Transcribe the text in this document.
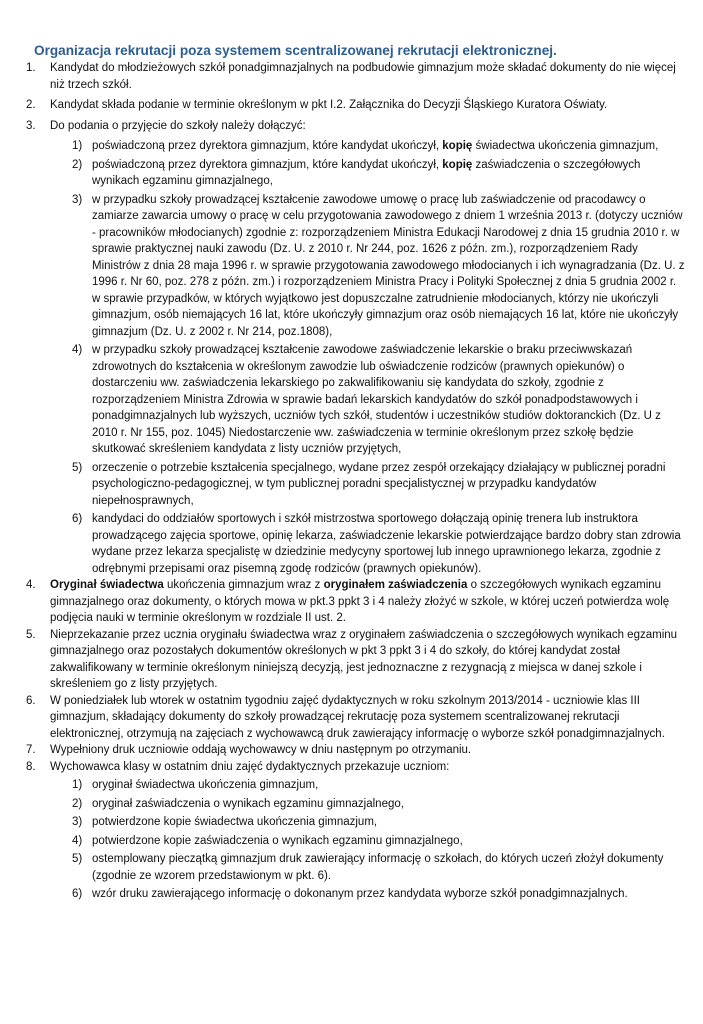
Organizacja rekrutacji poza systemem scentralizowanej rekrutacji elektronicznej.
1. Kandydat do młodzieżowych szkół ponadgimnazjalnych na podbudowie gimnazjum może składać dokumenty do nie więcej niż trzech szkół.
2. Kandydat składa podanie w terminie określonym w pkt I.2. Załącznika do Decyzji Śląskiego Kuratora Oświaty.
3. Do podania o przyjęcie do szkoły należy dołączyć:
1) poświadczoną przez dyrektora gimnazjum, które kandydat ukończył, kopię świadectwa ukończenia gimnazjum,
2) poświadczoną przez dyrektora gimnazjum, które kandydat ukończył, kopię zaświadczenia o szczegółowych wynikach egzaminu gimnazjalnego,
3) w przypadku szkoły prowadzącej kształcenie zawodowe umowę o pracę lub zaświadczenie od pracodawcy o zamiarze zawarcia umowy o pracę w celu przygotowania zawodowego z dniem 1 września 2013 r. (dotyczy uczniów - pracowników młodocianych) zgodnie z: rozporządzeniem Ministra Edukacji Narodowej z dnia 15 grudnia 2010 r. w sprawie praktycznej nauki zawodu (Dz. U. z 2010 r. Nr 244, poz. 1626 z późn. zm.), rozporządzeniem Rady Ministrów z dnia 28 maja 1996 r. w sprawie przygotowania zawodowego młodocianych i ich wynagradzania (Dz. U. z 1996 r. Nr 60, poz. 278 z późn. zm.) i rozporządzeniem Ministra Pracy i Polityki Społecznej z dnia 5 grudnia 2002 r. w sprawie przypadków, w których wyjątkowo jest dopuszczalne zatrudnienie młodocianych, którzy nie ukończyli gimnazjum, osób niemających 16 lat, które ukończyły gimnazjum oraz osób niemających 16 lat, które nie ukończyły gimnazjum (Dz. U. z 2002 r. Nr 214, poz.1808),
4) w przypadku szkoły prowadzącej kształcenie zawodowe zaświadczenie lekarskie o braku przeciwwskazań zdrowotnych do kształcenia w określonym zawodzie lub oświadczenie rodziców (prawnych opiekunów) o dostarczeniu ww. zaświadczenia lekarskiego po zakwalifikowaniu się kandydata do szkoły, zgodnie z rozporządzeniem Ministra Zdrowia w sprawie badań lekarskich kandydatów do szkół ponadpodstawowych i ponadgimnazjalnych lub wyższych, uczniów tych szkół, studentów i uczestników studiów doktoranckich (Dz. U z 2010 r. Nr 155, poz. 1045) Niedostarczenie ww. zaświadczenia w terminie określonym przez szkołę będzie skutkować skreśleniem kandydata z listy uczniów przyjętych,
5) orzeczenie o potrzebie kształcenia specjalnego, wydane przez zespół orzekający działający w publicznej poradni psychologiczno-pedagogicznej, w tym publicznej poradni specjalistycznej w przypadku kandydatów niepełnosprawnych,
6) kandydaci do oddziałów sportowych i szkół mistrzostwa sportowego dołączają opinię trenera lub instruktora prowadzącego zajęcia sportowe, opinię lekarza, zaświadczenie lekarskie potwierdzające bardzo dobry stan zdrowia wydane przez lekarza specjalistę w dziedzinie medycyny sportowej lub innego uprawnionego lekarza, zgodnie z odrębnymi przepisami oraz pisemną zgodę rodziców (prawnych opiekunów).
4. Oryginał świadectwa ukończenia gimnazjum wraz z oryginałem zaświadczenia o szczegółowych wynikach egzaminu gimnazjalnego oraz dokumenty, o których mowa w pkt.3 ppkt 3 i 4 należy złożyć w szkole, w której uczeń potwierdza wolę podjęcia nauki w terminie określonym w rozdziale II ust. 2.
5. Nieprzekazanie przez ucznia oryginału świadectwa wraz z oryginałem zaświadczenia o szczegółowych wynikach egzaminu gimnazjalnego oraz pozostałych dokumentów określonych w pkt 3 ppkt 3 i 4 do szkoły, do której kandydat został zakwalifikowany w terminie określonym niniejszą decyzją, jest jednoznaczne z rezygnacją z miejsca w danej szkole i skreśleniem go z listy przyjętych.
6. W poniedziałek lub wtorek w ostatnim tygodniu zajęć dydaktycznych w roku szkolnym 2013/2014 - uczniowie klas III gimnazjum, składający dokumenty do szkoły prowadzącej rekrutację poza systemem scentralizowanej rekrutacji elektronicznej, otrzymują na zajęciach z wychowawcą druk zawierający informację o wyborze szkół ponadgimnazjalnych.
7. Wypełniony druk uczniowie oddają wychowawcy w dniu następnym po otrzymaniu.
8. Wychowawca klasy w ostatnim dniu zajęć dydaktycznych przekazuje uczniom:
1) oryginał świadectwa ukończenia gimnazjum,
2) oryginał zaświadczenia o wynikach egzaminu gimnazjalnego,
3) potwierdzone kopie świadectwa ukończenia gimnazjum,
4) potwierdzone kopie zaświadczenia o wynikach egzaminu gimnazjalnego,
5) ostemplowany pieczątką gimnazjum druk zawierający informację o szkołach, do których uczeń złożył dokumenty (zgodnie ze wzorem przedstawionym w pkt. 6).
6) wzór druku zawierającego informację o dokonanym przez kandydata wyborze szkół ponadgimnazjalnych.
